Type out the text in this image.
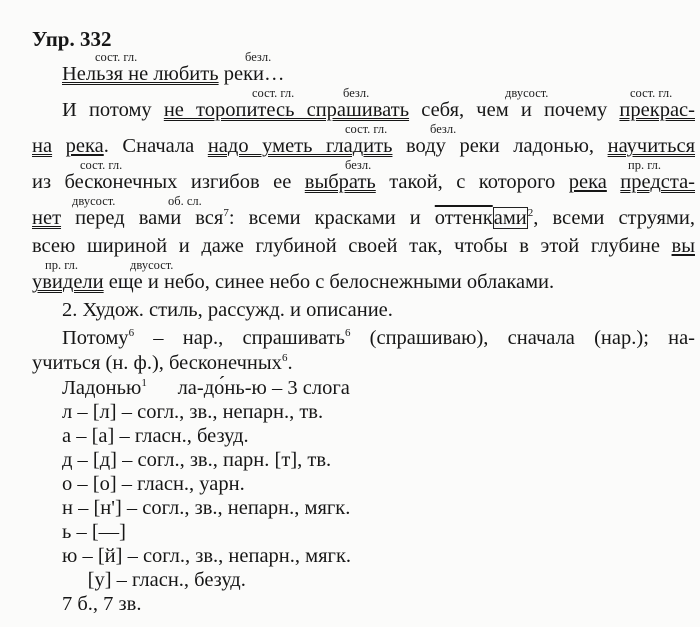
Упр. 332
сост. гл.	безл.
сост. гл.	безл.	двусост.	сост. гл.
сост. гл.	безл.
сост. гл.	безл.	пр. гл.
двусост.	об. сл.
пр. гл.	двусост.
Нельзя не любить реки…
И потому не торопитесь спрашивать себя, чем и почему прекрас-
на река. Сначала надо уметь гладить воду реки ладонью, научиться
из бесконечных изгибов ее выбрать такой, с которого река предста-
нет перед вами вся$^7$: всеми красками и оттенками$^2$, всеми струями,
всею шириной и даже глубиной своей так, чтобы в этой глубине вы
увидели еще и небо, синее небо с белоснежными облаками.
2. Худож. стиль, рассужд. и описание.
Потому$^6$ – нар., спрашивать$^6$ (спрашиваю), сначала (нар.); на-
учиться (н. ф.), бесконечных$^6$.
Ладонью$^1$      ла-до́нь-ю – 3 слога
л – [л] – согл., зв., непарн., тв.
а – [а] – гласн., безуд.
д – [д] – согл., зв., парн. [т], тв.
о – [о] – гласн., уарн.
н – [н'] – согл., зв., непарн., мягк.
ь – [—]
ю – [й] – согл., зв., непарн., мягк.
[у] – гласн., безуд.
7 б., 7 зв.
